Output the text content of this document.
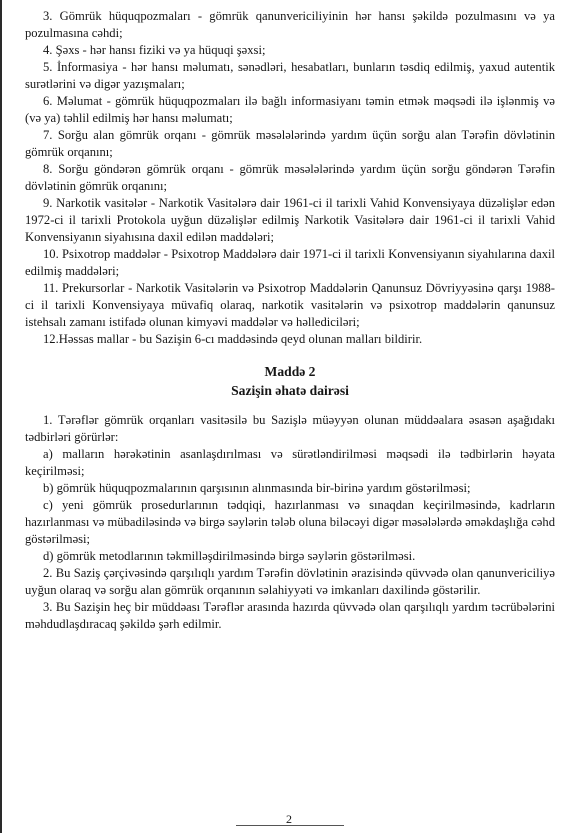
3. Gömrük hüquqpozmaları - gömrük qanunvericiliyinin hər hansı şəkildə pozulmasını və ya pozulmasına cəhdi;

4. Şəxs - hər hansı fiziki və ya hüquqi şəxsi;

5. İnformasiya - hər hansı məlumatı, sənədləri, hesabatları, bunların təsdiq edilmiş, yaxud autentik surətlərini və digər yazışmaları;

6. Məlumat - gömrük hüquqpozmaları ilə bağlı informasiyanı təmin etmək məqsədi ilə işlənmiş və (və ya) təhlil edilmiş hər hansı məlumatı;

7. Sorğu alan gömrük orqanı - gömrük məsələlərində yardım üçün sorğu alan Tərəfin dövlətinin gömrük orqanını;

8. Sorğu göndərən gömrük orqanı - gömrük məsələlərində yardım üçün sorğu göndərən Tərəfin dövlətinin gömrük orqanını;

9. Narkotik vasitələr - Narkotik Vasitələrə dair 1961-ci il tarixli Vahid Konvensiyaya düzəlişlər edən 1972-ci il tarixli Protokola uyğun düzəlişlər edilmiş Narkotik Vasitələrə dair 1961-ci il tarixli Vahid Konvensiyanın siyahısına daxil edilən maddələri;

10. Psixotrop maddələr - Psixotrop Maddələrə dair 1971-ci il tarixli Konvensiyanın siyahılarına daxil edilmiş maddələri;

11. Prekursorlar - Narkotik Vasitələrin və Psixotrop Maddələrin Qanunsuz Dövriyyəsinə qarşı 1988-ci il tarixli Konvensiyaya müvafiq olaraq, narkotik vasitələrin və psixotrop maddələrin qanunsuz istehsalı zamanı istifadə olunan kimyəvi maddələr və həllediciləri;

12.Həssas mallar - bu Sazişin 6-cı maddəsində qeyd olunan malları bildirir.

Maddə 2

Sazişin əhatə dairəsi

1. Tərəflər gömrük orqanları vasitəsilə bu Sazişlə müəyyən olunan müddəalara əsasən aşağıdakı tədbirləri görürlər:

a) malların hərəkətinin asanlaşdırılması və sürətləndirilməsi məqsədi ilə tədbirlərin həyata keçirilməsi;

b) gömrük hüquqpozmalarının qarşısının alınmasında bir-birinə yardım göstərilməsi;

c) yeni gömrük prosedurlarının tədqiqi, hazırlanması və sınaqdan keçirilməsində, kadrların hazırlanması və mübadiləsində və birgə səylərin tələb oluna biləcəyi digər məsələlərdə əməkdaşlığa cəhd göstərilməsi;

d) gömrük metodlarının təkmilləşdirilməsində birgə səylərin göstərilməsi.

2. Bu Saziş çərçivəsində qarşılıqlı yardım Tərəfin dövlətinin ərazisində qüvvədə olan qanunvericiliyə uyğun olaraq və sorğu alan gömrük orqanının səlahiyyəti və imkanları daxilində göstərilir.

3. Bu Sazişin heç bir müddəası Tərəflər arasında hazırda qüvvədə olan qarşılıqlı yardım təcrübələrini məhdudlaşdıracaq şəkildə şərh edilmir.

2
